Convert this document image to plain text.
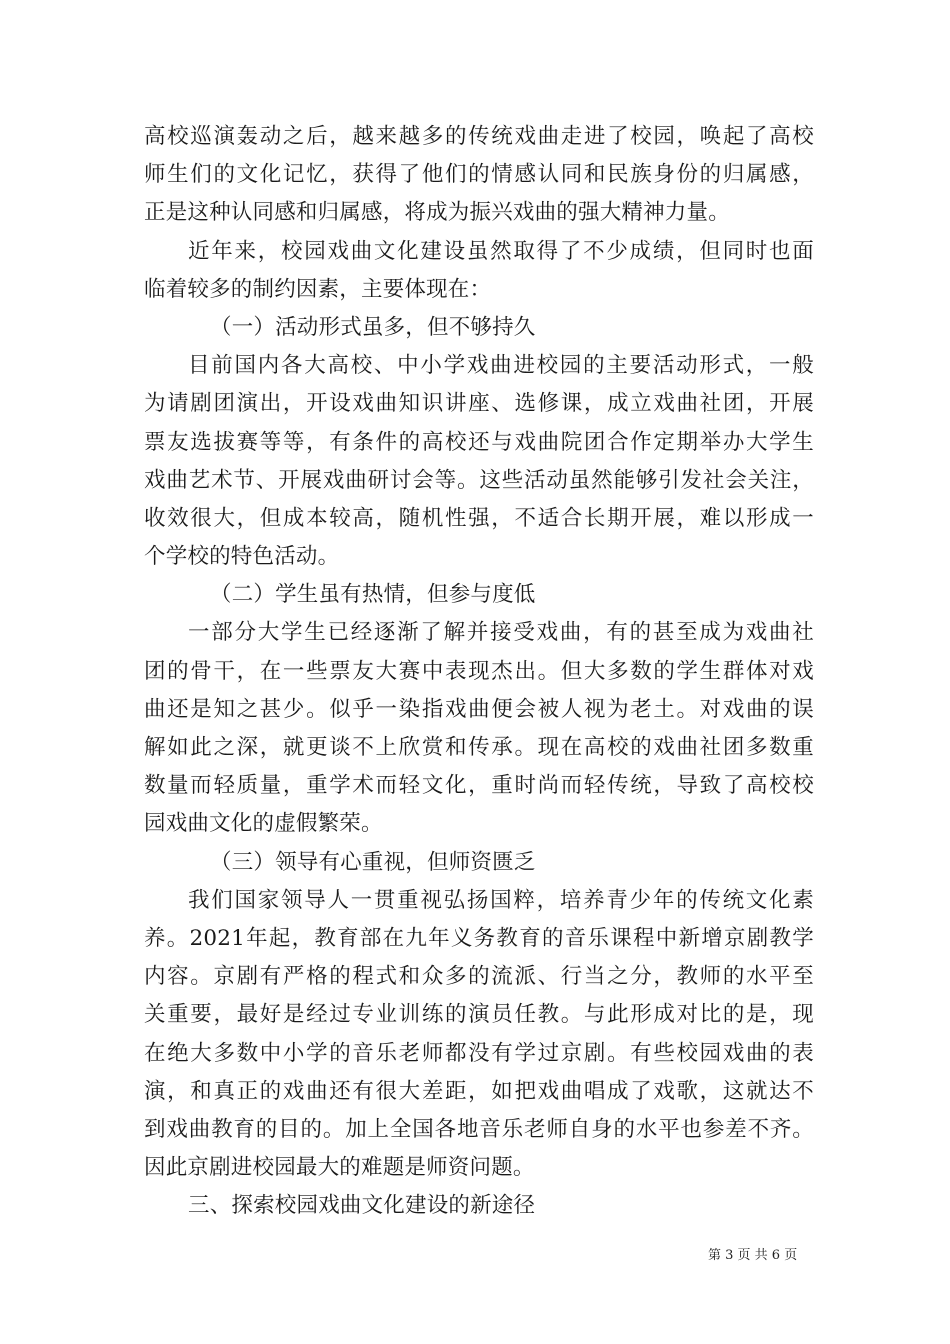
高校巡演轰动之后，越来越多的传统戏曲走进了校园，唤起了高校
师生们的文化记忆，获得了他们的情感认同和民族身份的归属感，
正是这种认同感和归属感，将成为振兴戏曲的强大精神力量。
近年来，校园戏曲文化建设虽然取得了不少成绩，但同时也面
临着较多的制约因素，主要体现在：
（一）活动形式虽多，但不够持久
目前国内各大高校、中小学戏曲进校园的主要活动形式，一般
为请剧团演出，开设戏曲知识讲座、选修课，成立戏曲社团，开展
票友选拔赛等等，有条件的高校还与戏曲院团合作定期举办大学生
戏曲艺术节、开展戏曲研讨会等。这些活动虽然能够引发社会关注，
收效很大，但成本较高，随机性强，不适合长期开展，难以形成一
个学校的特色活动。
（二）学生虽有热情，但参与度低
一部分大学生已经逐渐了解并接受戏曲，有的甚至成为戏曲社
团的骨干，在一些票友大赛中表现杰出。但大多数的学生群体对戏
曲还是知之甚少。似乎一染指戏曲便会被人视为老土。对戏曲的误
解如此之深，就更谈不上欣赏和传承。现在高校的戏曲社团多数重
数量而轻质量，重学术而轻文化，重时尚而轻传统，导致了高校校
园戏曲文化的虚假繁荣。
（三）领导有心重视，但师资匮乏
我们国家领导人一贯重视弘扬国粹，培养青少年的传统文化素
养。2021年起，教育部在九年义务教育的音乐课程中新增京剧教学
内容。京剧有严格的程式和众多的流派、行当之分，教师的水平至
关重要，最好是经过专业训练的演员任教。与此形成对比的是，现
在绝大多数中小学的音乐老师都没有学过京剧。有些校园戏曲的表
演，和真正的戏曲还有很大差距，如把戏曲唱成了戏歌，这就达不
到戏曲教育的目的。加上全国各地音乐老师自身的水平也参差不齐。
因此京剧进校园最大的难题是师资问题。
三、探索校园戏曲文化建设的新途径
第 3 页 共 6 页
